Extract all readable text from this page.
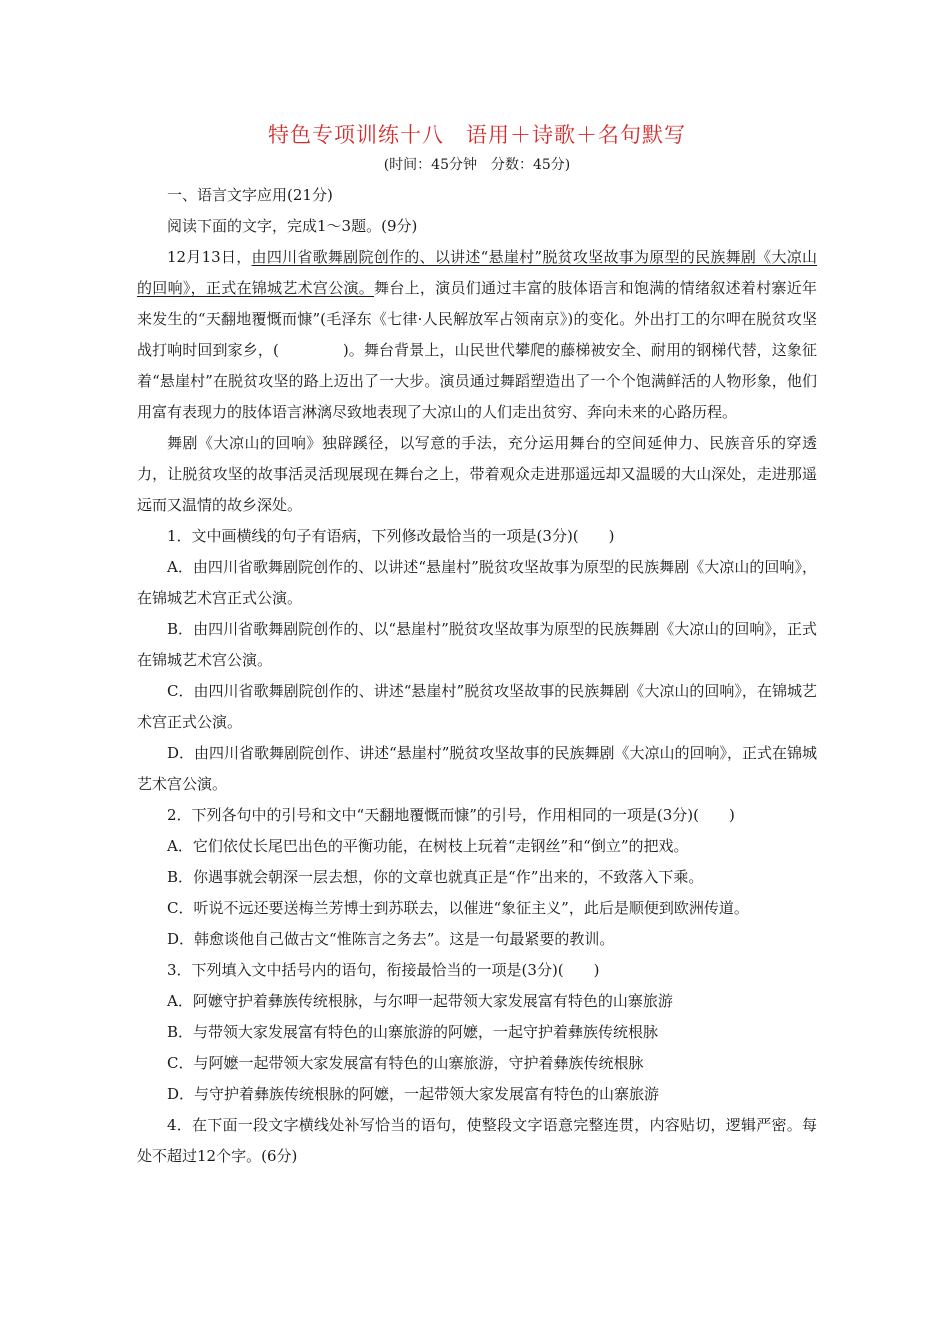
特色专项训练十八　语用＋诗歌＋名句默写
(时间：45分钟　分数：45分)

一、语言文字应用(21分)

阅读下面的文字，完成1～3题。(9分)

12月13日，由四川省歌舞剧院创作的、以讲述“悬崖村”脱贫攻坚故事为原型的民族舞剧《大凉山的回响》，正式在锦城艺术宫公演。舞台上，演员们通过丰富的肢体语言和饱满的情绪叙述着村寨近年来发生的“天翻地覆慨而慷”(毛泽东《七律·人民解放军占领南京》)的变化。外出打工的尔呷在脱贫攻坚战打响时回到家乡，(	)。舞台背景上，山民世代攀爬的藤梯被安全、耐用的钢梯代替，这象征着“悬崖村”在脱贫攻坚的路上迈出了一大步。演员通过舞蹈塑造出了一个个饱满鲜活的人物形象，他们用富有表现力的肢体语言淋漓尽致地表现了大凉山的人们走出贫穷、奔向未来的心路历程。

舞剧《大凉山的回响》独辟蹊径，以写意的手法，充分运用舞台的空间延伸力、民族音乐的穿透力，让脱贫攻坚的故事活灵活现展现在舞台之上，带着观众走进那遥远却又温暖的大山深处，走进那遥远而又温情的故乡深处。

1．文中画横线的句子有语病，下列修改最恰当的一项是(3分)(　　)

A．由四川省歌舞剧院创作的、以讲述“悬崖村”脱贫攻坚故事为原型的民族舞剧《大凉山的回响》，在锦城艺术宫正式公演。

B．由四川省歌舞剧院创作的、以“悬崖村”脱贫攻坚故事为原型的民族舞剧《大凉山的回响》，正式在锦城艺术宫公演。

C．由四川省歌舞剧院创作的、讲述“悬崖村”脱贫攻坚故事的民族舞剧《大凉山的回响》，在锦城艺术宫正式公演。

D．由四川省歌舞剧院创作、讲述“悬崖村”脱贫攻坚故事的民族舞剧《大凉山的回响》，正式在锦城艺术宫公演。

2．下列各句中的引号和文中“天翻地覆慨而慷”的引号，作用相同的一项是(3分)(　　)

A．它们依仗长尾巴出色的平衡功能，在树枝上玩着“走钢丝”和“倒立”的把戏。

B．你遇事就会朝深一层去想，你的文章也就真正是“作”出来的，不致落入下乘。

C．听说不远还要送梅兰芳博士到苏联去，以催进“象征主义”，此后是顺便到欧洲传道。

D．韩愈谈他自己做古文“惟陈言之务去”。这是一句最紧要的教训。

3．下列填入文中括号内的语句，衔接最恰当的一项是(3分)(　　)

A．阿嬷守护着彝族传统根脉，与尔呷一起带领大家发展富有特色的山寨旅游

B．与带领大家发展富有特色的山寨旅游的阿嬷，一起守护着彝族传统根脉

C．与阿嬷一起带领大家发展富有特色的山寨旅游，守护着彝族传统根脉

D．与守护着彝族传统根脉的阿嬷，一起带领大家发展富有特色的山寨旅游

4．在下面一段文字横线处补写恰当的语句，使整段文字语意完整连贯，内容贴切，逻辑严密。每处不超过12个字。(6分)
